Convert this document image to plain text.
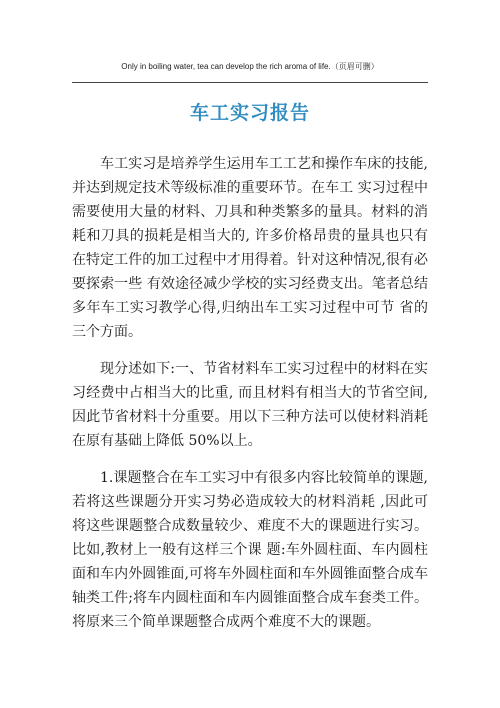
Only in boiling water, tea can develop the rich aroma of life.（页眉可删）
车工实习报告

车工实习是培养学生运用车工工艺和操作车床的技能,并达到规定技术等级标准的重要环节。在车工 实习过程中需要使用大量的材料、刀具和种类繁多的量具。材料的消耗和刀具的损耗是相当大的, 许多价格昂贵的量具也只有在特定工件的加工过程中才用得着。针对这种情况,很有必要探索一些 有效途径减少学校的实习经费支出。笔者总结多年车工实习教学心得,归纳出车工实习过程中可节 省的三个方面。

现分述如下:一、节省材料车工实习过程中的材料在实习经费中占相当大的比重, 而且材料有相当大的节省空间,因此节省材料十分重要。用以下三种方法可以使材料消耗在原有基础上降低 50%以上。

1.课题整合在车工实习中有很多内容比较简单的课题,若将这些课题分开实习势必造成较大的材料消耗 ,因此可将这些课题整合成数量较少、难度不大的课题进行实习。比如,教材上一般有这样三个课 题:车外圆柱面、车内圆柱面和车内外圆锥面,可将车外圆柱面和车外圆锥面整合成车轴类工件;将车内圆柱面和车内圆锥面整合成车套类工件。将原来三个简单课题整合成两个难度不大的课题。
